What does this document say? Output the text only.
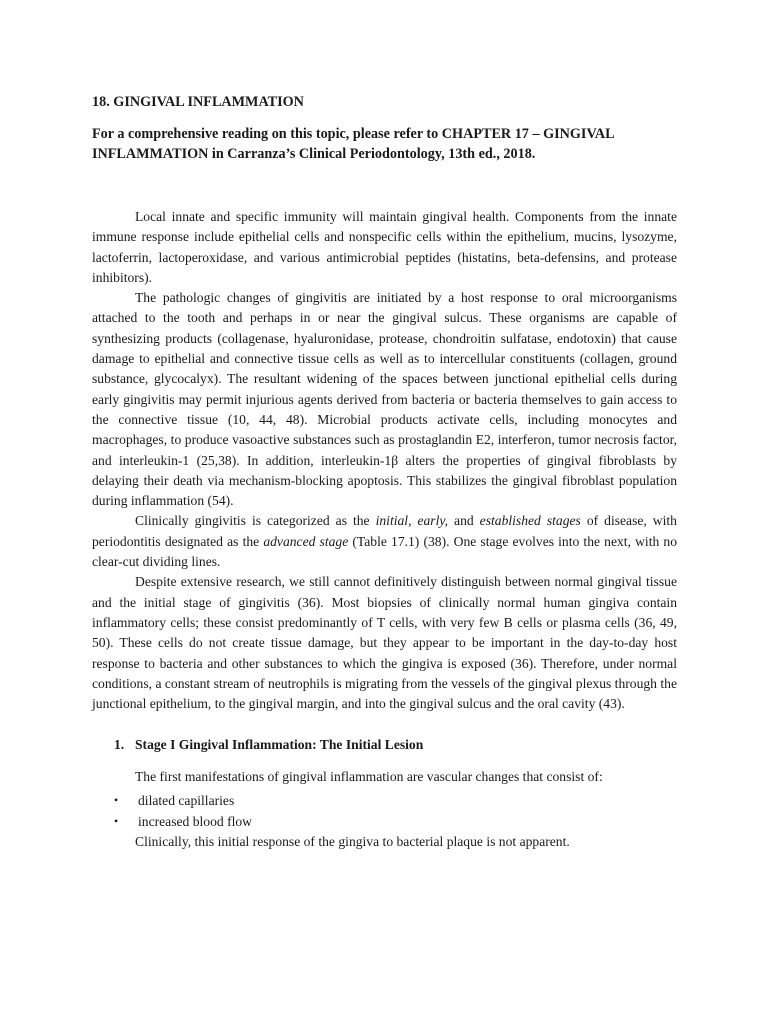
18. GINGIVAL INFLAMMATION

For a comprehensive reading on this topic, please refer to CHAPTER 17 – GINGIVAL INFLAMMATION in Carranza’s Clinical Periodontology, 13th ed., 2018.

Local innate and specific immunity will maintain gingival health. Components from the innate immune response include epithelial cells and nonspecific cells within the epithelium, mucins, lysozyme, lactoferrin, lactoperoxidase, and various antimicrobial peptides (histatins, beta-defensins, and protease inhibitors).

The pathologic changes of gingivitis are initiated by a host response to oral microorganisms attached to the tooth and perhaps in or near the gingival sulcus. These organisms are capable of synthesizing products (collagenase, hyaluronidase, protease, chondroitin sulfatase, endotoxin) that cause damage to epithelial and connective tissue cells as well as to intercellular constituents (collagen, ground substance, glycocalyx). The resultant widening of the spaces between junctional epithelial cells during early gingivitis may permit injurious agents derived from bacteria or bacteria themselves to gain access to the connective tissue (10, 44, 48). Microbial products activate cells, including monocytes and macrophages, to produce vasoactive substances such as prostaglandin E2, interferon, tumor necrosis factor, and interleukin-1 (25,38). In addition, interleukin-1β alters the properties of gingival fibroblasts by delaying their death via mechanism-blocking apoptosis. This stabilizes the gingival fibroblast population during inflammation (54).

Clinically gingivitis is categorized as the initial, early, and established stages of disease, with periodontitis designated as the advanced stage (Table 17.1) (38). One stage evolves into the next, with no clear-cut dividing lines.

Despite extensive research, we still cannot definitively distinguish between normal gingival tissue and the initial stage of gingivitis (36). Most biopsies of clinically normal human gingiva contain inflammatory cells; these consist predominantly of T cells, with very few B cells or plasma cells (36, 49, 50). These cells do not create tissue damage, but they appear to be important in the day-to-day host response to bacteria and other substances to which the gingiva is exposed (36). Therefore, under normal conditions, a constant stream of neutrophils is migrating from the vessels of the gingival plexus through the junctional epithelium, to the gingival margin, and into the gingival sulcus and the oral cavity (43).

1. Stage I Gingival Inflammation: The Initial Lesion

The first manifestations of gingival inflammation are vascular changes that consist of:

•	dilated capillaries
•	increased blood flow

Clinically, this initial response of the gingiva to bacterial plaque is not apparent.
